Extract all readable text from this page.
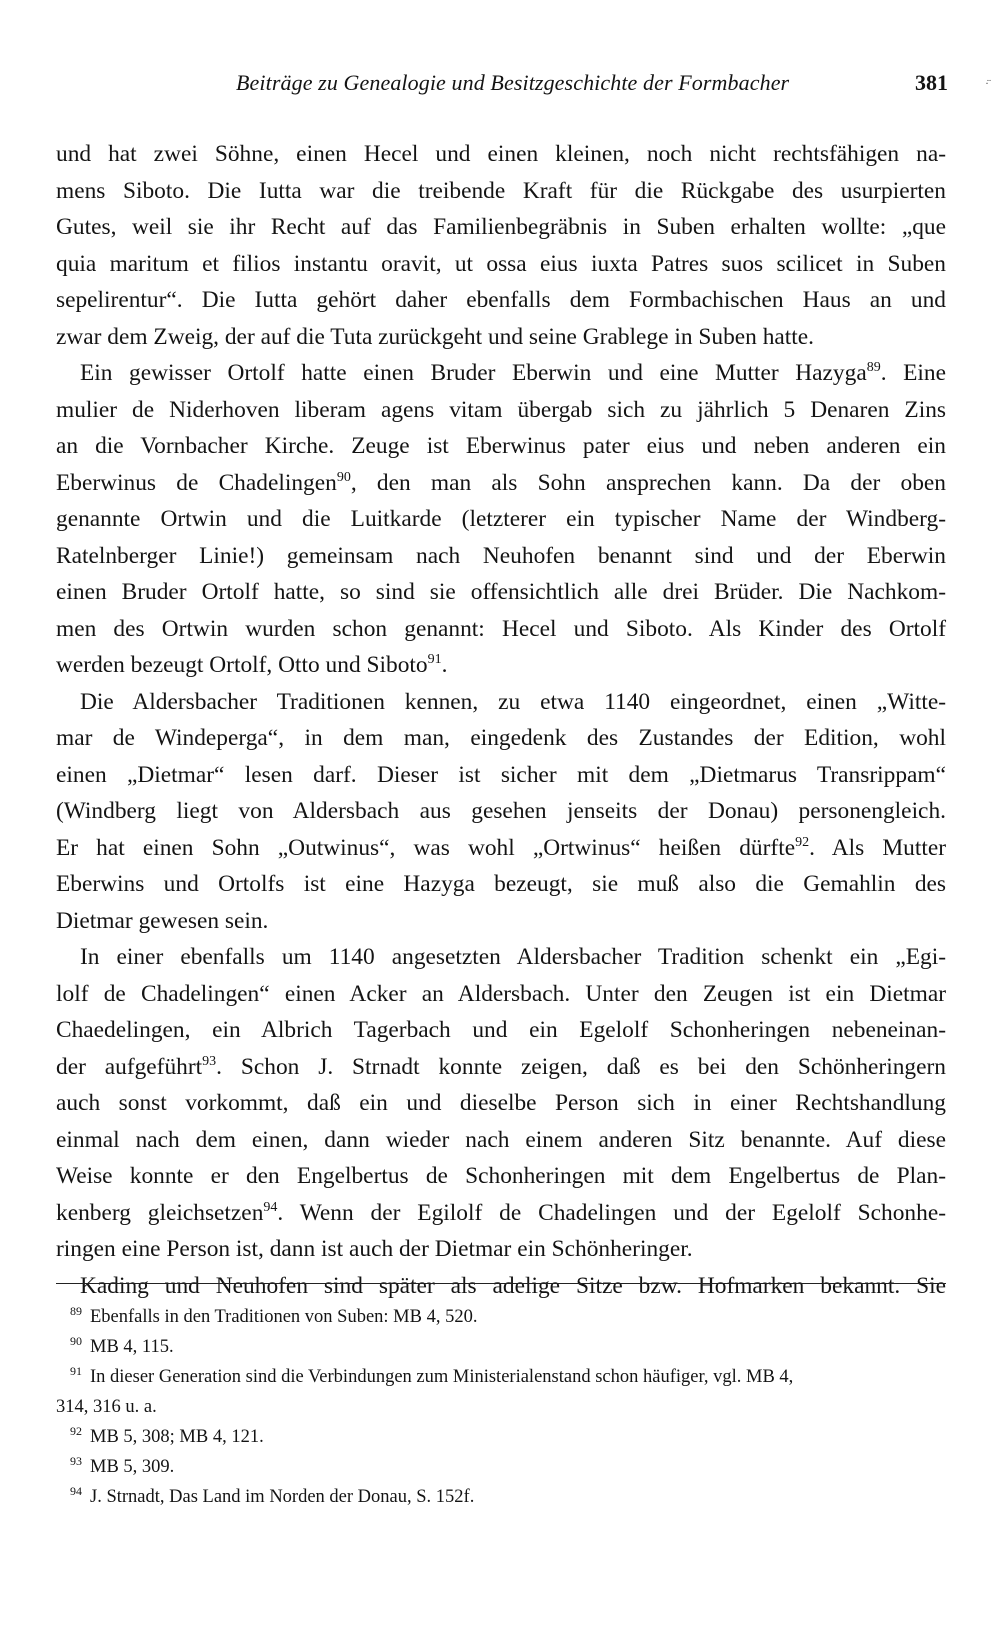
Beiträge zu Genealogie und Besitzgeschichte der Formbacher	381	·̈
und hat zwei Söhne, einen Hecel und einen kleinen, noch nicht rechtsfähigen na-
mens Siboto. Die Iutta war die treibende Kraft für die Rückgabe des usurpierten
Gutes, weil sie ihr Recht auf das Familienbegräbnis in Suben erhalten wollte: „que
quia maritum et filios instantu oravit, ut ossa eius iuxta Patres suos scilicet in Suben
sepelirentur“. Die Iutta gehört daher ebenfalls dem Formbachischen Haus an und
zwar dem Zweig, der auf die Tuta zurückgeht und seine Grablege in Suben hatte.
Ein gewisser Ortolf hatte einen Bruder Eberwin und eine Mutter Hazyga$^{89}$. Eine
mulier de Niderhoven liberam agens vitam übergab sich zu jährlich 5 Denaren Zins
an die Vornbacher Kirche. Zeuge ist Eberwinus pater eius und neben anderen ein
Eberwinus de Chadelingen$^{90}$, den man als Sohn ansprechen kann. Da der oben
genannte Ortwin und die Luitkarde (letzterer ein typischer Name der Windberg-
Ratelnberger Linie!) gemeinsam nach Neuhofen benannt sind und der Eberwin
einen Bruder Ortolf hatte, so sind sie offensichtlich alle drei Brüder. Die Nachkom-
men des Ortwin wurden schon genannt: Hecel und Siboto. Als Kinder des Ortolf
werden bezeugt Ortolf, Otto und Siboto$^{91}$.
Die Aldersbacher Traditionen kennen, zu etwa 1140 eingeordnet, einen „Witte-
mar de Windeperga“, in dem man, eingedenk des Zustandes der Edition, wohl
einen „Dietmar“ lesen darf. Dieser ist sicher mit dem „Dietmarus Transrippam“
(Windberg liegt von Aldersbach aus gesehen jenseits der Donau) personengleich.
Er hat einen Sohn „Outwinus“, was wohl „Ortwinus“ heißen dürfte$^{92}$. Als Mutter
Eberwins und Ortolfs ist eine Hazyga bezeugt, sie muß also die Gemahlin des
Dietmar gewesen sein.
In einer ebenfalls um 1140 angesetzten Aldersbacher Tradition schenkt ein „Egi-
lolf de Chadelingen“ einen Acker an Aldersbach. Unter den Zeugen ist ein Dietmar
Chaedelingen, ein Albrich Tagerbach und ein Egelolf Schonheringen nebeneinan-
der aufgeführt$^{93}$. Schon J. Strnadt konnte zeigen, daß es bei den Schönheringern
auch sonst vorkommt, daß ein und dieselbe Person sich in einer Rechtshandlung
einmal nach dem einen, dann wieder nach einem anderen Sitz benannte. Auf diese
Weise konnte er den Engelbertus de Schonheringen mit dem Engelbertus de Plan-
kenberg gleichsetzen$^{94}$. Wenn der Egilolf de Chadelingen und der Egelolf Schonhe-
ringen eine Person ist, dann ist auch der Dietmar ein Schönheringer.
Kading und Neuhofen sind später als adelige Sitze bzw. Hofmarken bekannt. Sie
89 Ebenfalls in den Traditionen von Suben: MB 4, 520.
90 MB 4, 115.
91 In dieser Generation sind die Verbindungen zum Ministerialenstand schon häufiger, vgl. MB 4,
314, 316 u. a.
92 MB 5, 308; MB 4, 121.
93 MB 5, 309.
94 J. Strnadt, Das Land im Norden der Donau, S. 152f.
